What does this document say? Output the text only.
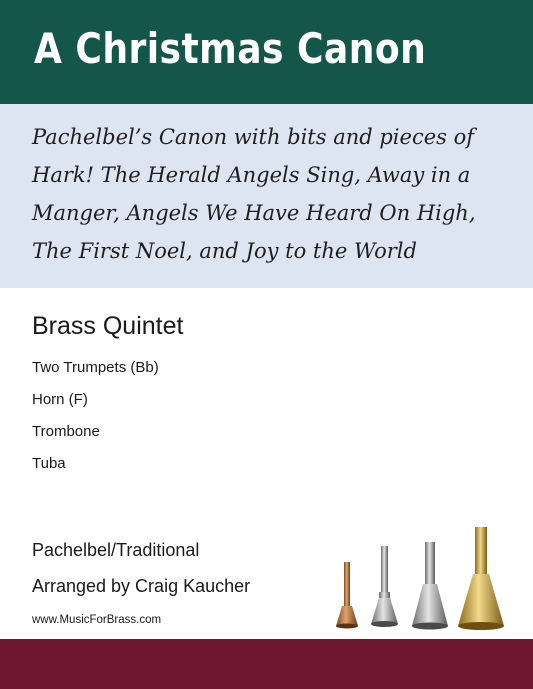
A Christmas Canon
Pachelbel’s Canon with bits and pieces of Hark! The Herald Angels Sing, Away in a Manger, Angels We Have Heard On High, The First Noel, and Joy to the World
Brass Quintet
Two Trumpets (Bb)
Horn (F)
Trombone
Tuba
Pachelbel/Traditional
Arranged by Craig Kaucher
www.MusicForBrass.com
